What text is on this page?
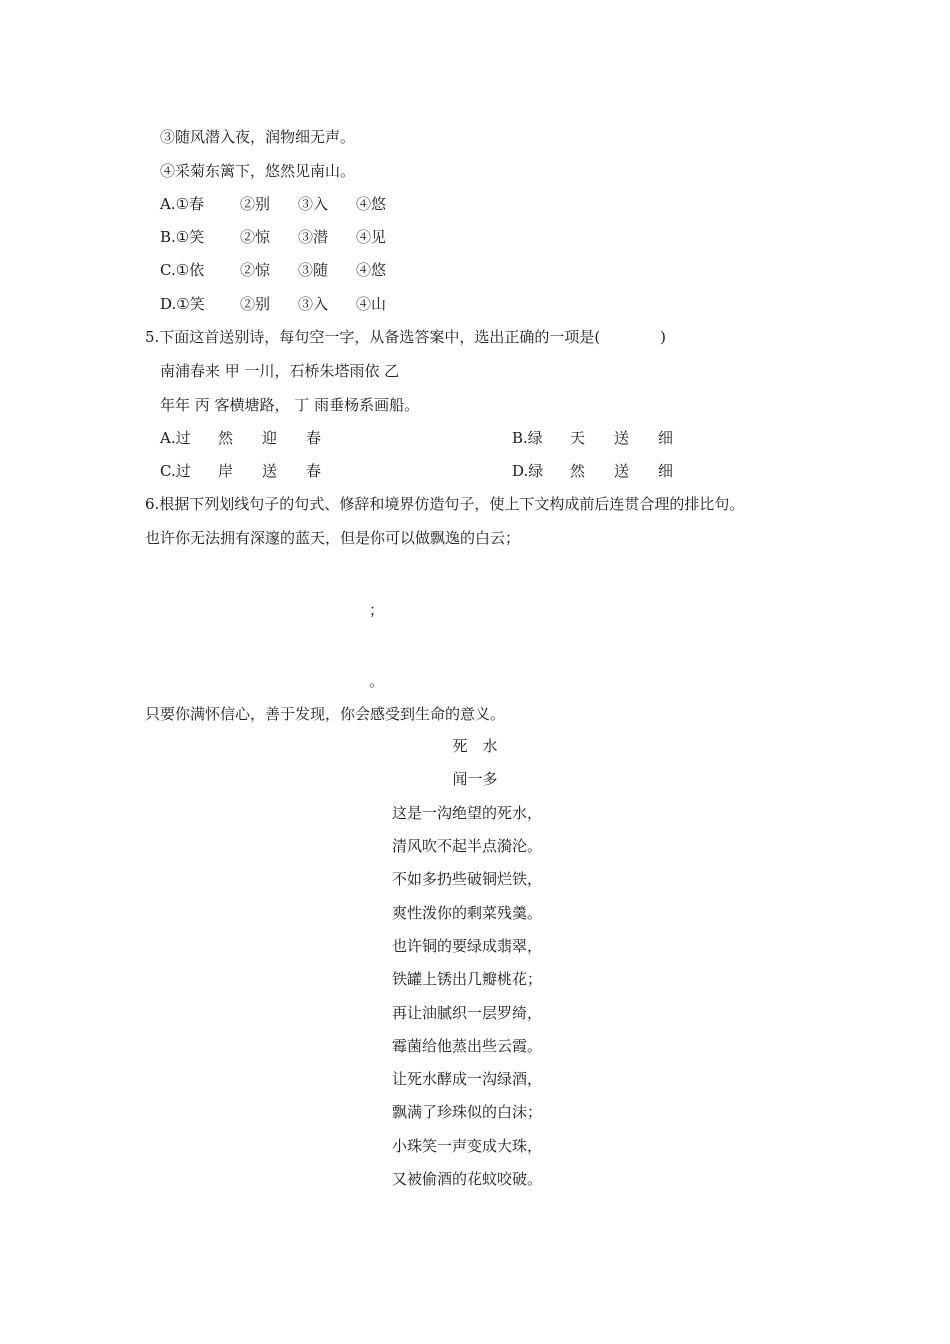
③随风潜入夜，润物细无声。
④采菊东篱下，悠然见南山。
A.①春 ②别 ③入 ④悠
B.①笑 ②惊 ③潜 ④见
C.①依 ②惊 ③随 ④悠
D.①笑 ②别 ③入 ④山
5.下面这首送别诗，每句空一字，从备选答案中，选出正确的一项是(　　　　)
南浦春来 甲 一川，石桥朱塔雨依 乙
年年 丙 客横塘路， 丁 雨垂杨系画船。
A.过 然 迎 春	B.绿 天 送 细
C.过 岸 送 春	D.绿 然 送 细
6.根据下列划线句子的句式、修辞和境界仿造句子，使上下文构成前后连贯合理的排比句。
也许你无法拥有深邃的蓝天，但是你可以做飘逸的白云；
；
。
只要你满怀信心，善于发现，你会感受到生命的意义。
死　水
闻一多
这是一沟绝望的死水，
清风吹不起半点漪沦。
不如多扔些破铜烂铁，
爽性泼你的剩菜残羹。
也许铜的要绿成翡翠，
铁罐上锈出几瓣桃花；
再让油腻织一层罗绮，
霉菌给他蒸出些云霞。
让死水酵成一沟绿酒，
飘满了珍珠似的白沫；
小珠笑一声变成大珠，
又被偷酒的花蚊咬破。
